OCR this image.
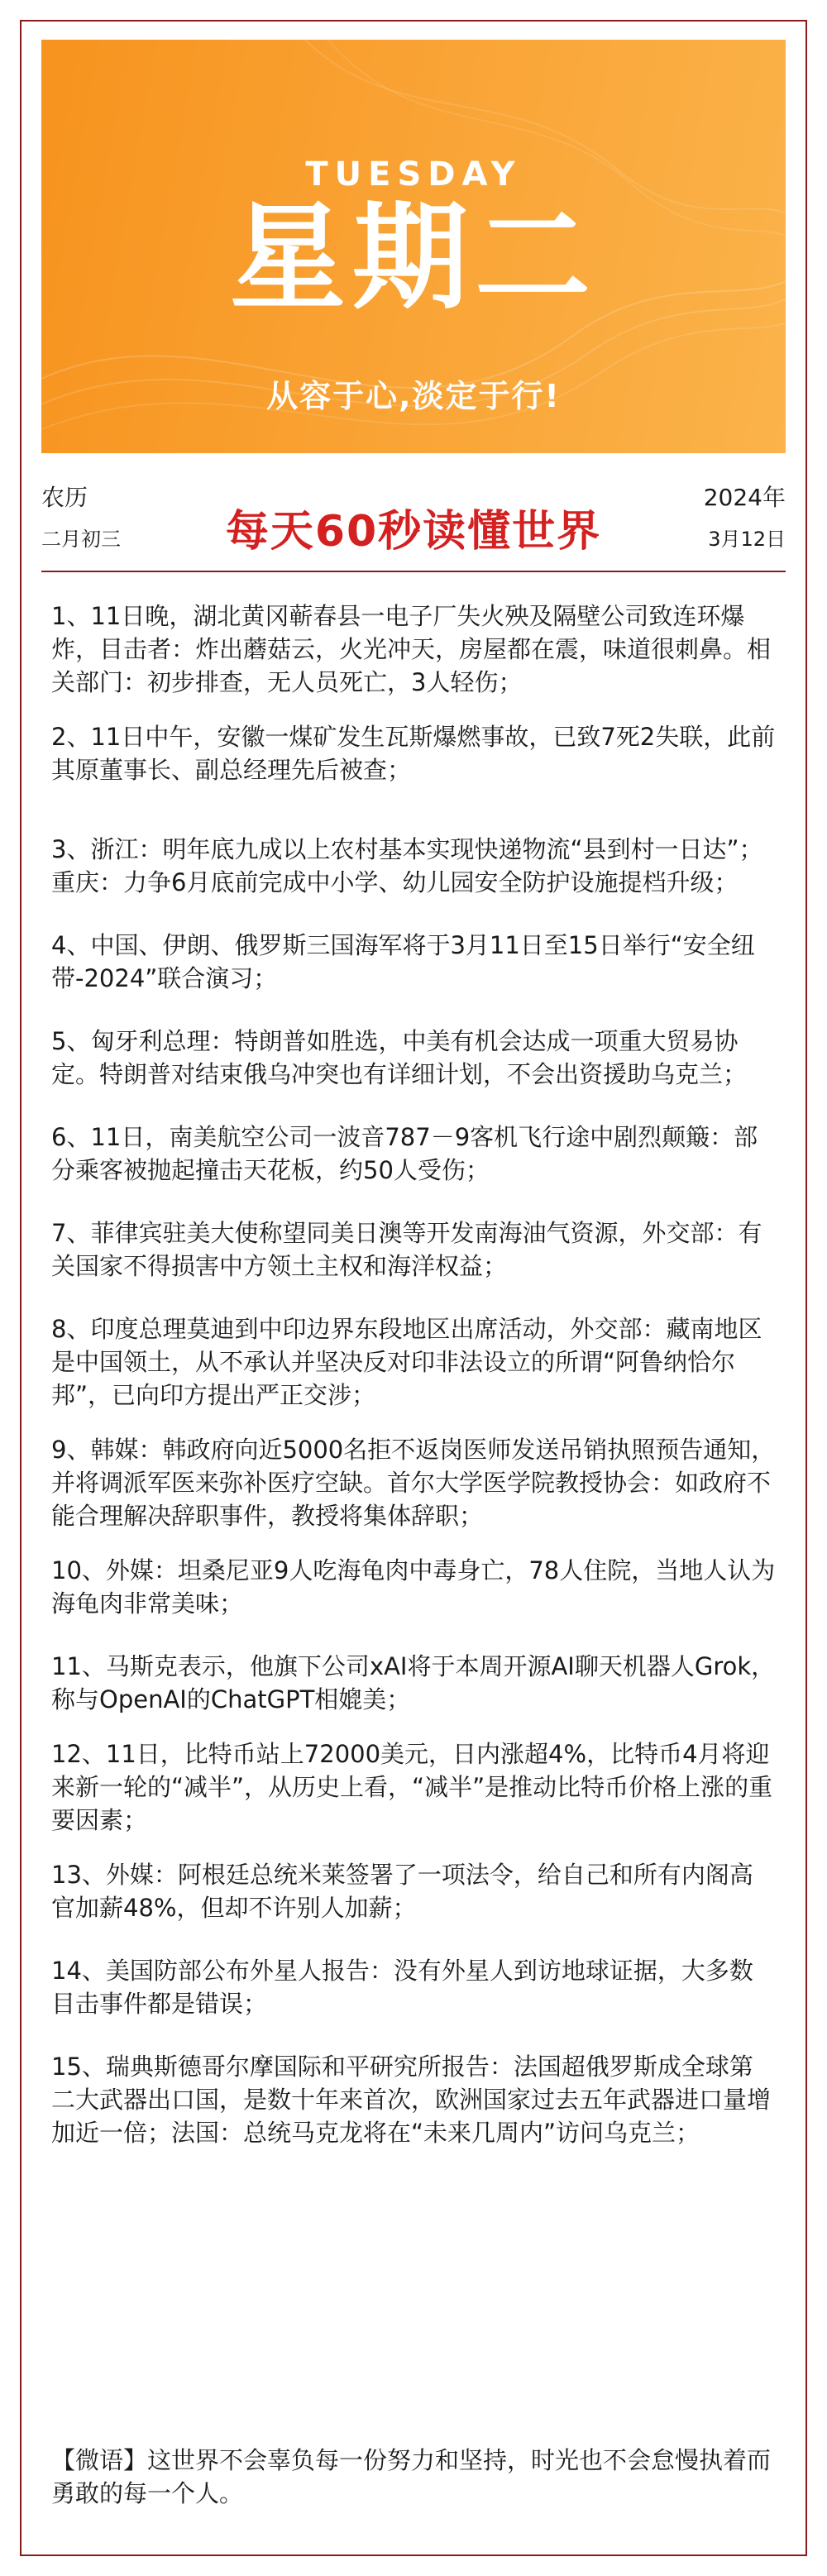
TUESDAY
星期二
从容于心,淡定于行!
农历
二月初三	每天60秒读懂世界
2024年
3月12日

1、11日晚，湖北黄冈蕲春县一电子厂失火殃及隔壁公司致连环爆炸，目击者：炸出蘑菇云，火光冲天，房屋都在震，味道很刺鼻。相关部门：初步排查，无人员死亡，3人轻伤；

2、11日中午，安徽一煤矿发生瓦斯爆燃事故，已致7死2失联，此前其原董事长、副总经理先后被查；

3、浙江：明年底九成以上农村基本实现快递物流“县到村一日达”；重庆：力争6月底前完成中小学、幼儿园安全防护设施提档升级；

4、中国、伊朗、俄罗斯三国海军将于3月11日至15日举行“安全纽带-2024”联合演习；

5、匈牙利总理：特朗普如胜选，中美有机会达成一项重大贸易协定。特朗普对结束俄乌冲突也有详细计划，不会出资援助乌克兰；

6、11日，南美航空公司一波音787－9客机飞行途中剧烈颠簸：部分乘客被抛起撞击天花板，约50人受伤；

7、菲律宾驻美大使称望同美日澳等开发南海油气资源，外交部：有关国家不得损害中方领土主权和海洋权益；

8、印度总理莫迪到中印边界东段地区出席活动，外交部：藏南地区是中国领土，从不承认并坚决反对印非法设立的所谓“阿鲁纳恰尔邦”，已向印方提出严正交涉；

9、韩媒：韩政府向近5000名拒不返岗医师发送吊销执照预告通知，并将调派军医来弥补医疗空缺。首尔大学医学院教授协会：如政府不能合理解决辞职事件，教授将集体辞职；

10、外媒：坦桑尼亚9人吃海龟肉中毒身亡，78人住院，当地人认为海龟肉非常美味；

11、马斯克表示，他旗下公司xAI将于本周开源AI聊天机器人Grok，称与OpenAI的ChatGPT相媲美；

12、11日，比特币站上72000美元，日内涨超4%，比特币4月将迎来新一轮的“减半”，从历史上看，“减半”是推动比特币价格上涨的重要因素；

13、外媒：阿根廷总统米莱签署了一项法令，给自己和所有内阁高官加薪48%，但却不许别人加薪；

14、美国防部公布外星人报告：没有外星人到访地球证据，大多数目击事件都是错误；

15、瑞典斯德哥尔摩国际和平研究所报告：法国超俄罗斯成全球第二大武器出口国，是数十年来首次，欧洲国家过去五年武器进口量增加近一倍；法国：总统马克龙将在“未来几周内”访问乌克兰；

【微语】这世界不会辜负每一份努力和坚持，时光也不会怠慢执着而勇敢的每一个人。
